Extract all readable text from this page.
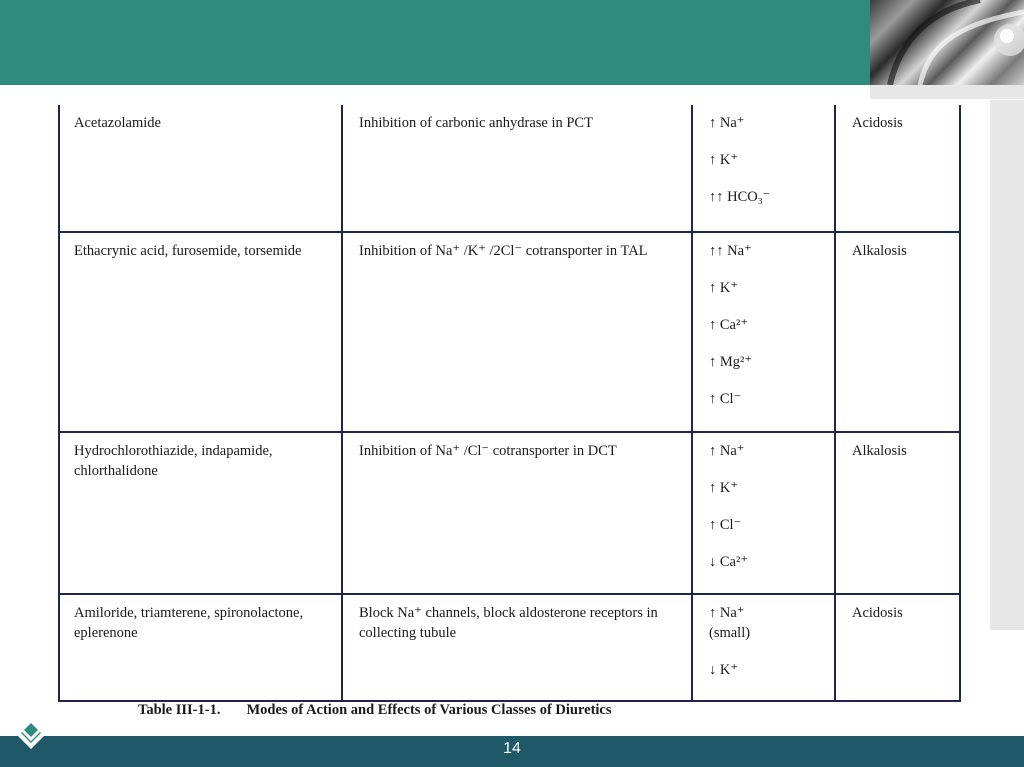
Acetazolamide	Inhibition of carbonic anhydrase in PCT	↑ Na⁺
↑ K⁺
↑↑ HCO₃⁻	Acidosis
Ethacrynic acid, furosemide, torsemide	Inhibition of Na⁺ /K⁺ /2Cl⁻ cotransporter in TAL	↑↑ Na⁺
↑ K⁺
↑ Ca²⁺
↑ Mg²⁺
↑ Cl⁻	Alkalosis
Hydrochlorothiazide, indapamide, chlorthalidone	Inhibition of Na⁺ /Cl⁻ cotransporter in DCT	↑ Na⁺
↑ K⁺
↑ Cl⁻
↓ Ca²⁺	Alkalosis
Amiloride, triamterene, spironolactone, eplerenone	Block Na⁺ channels, block aldosterone receptors in collecting tubule	↑ Na⁺
(small)
↓ K⁺	Acidosis
Table III-1-1. Modes of Action and Effects of Various Classes of Diuretics
14
